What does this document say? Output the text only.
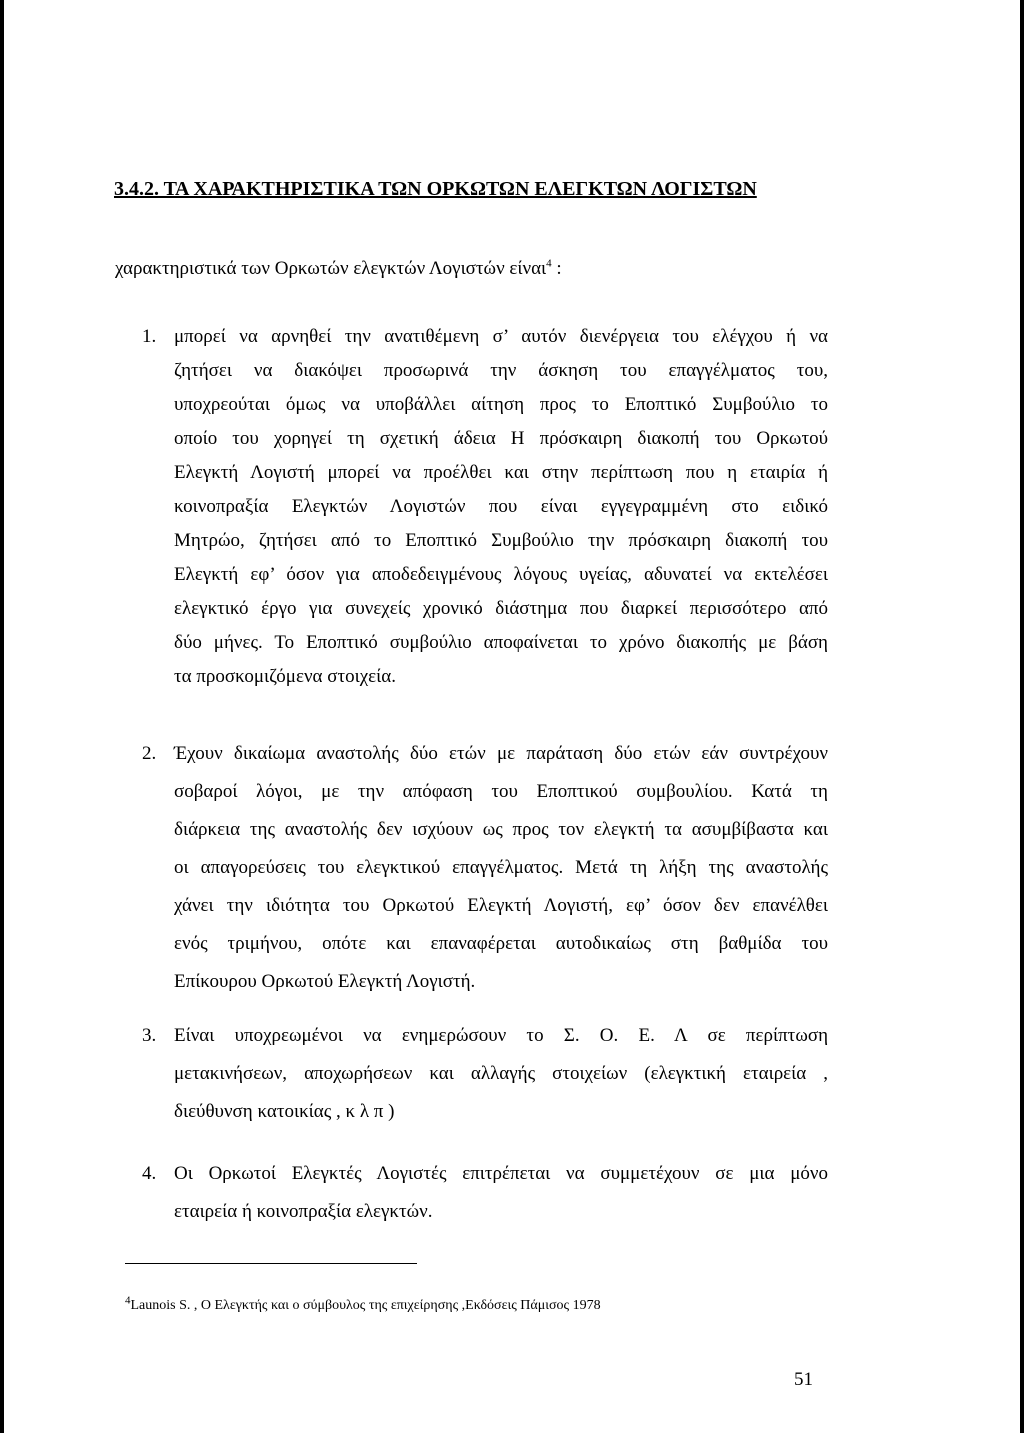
3.4.2. ΤΑ ΧΑΡΑΚΤΗΡΙΣΤΙΚΑ ΤΩΝ ΟΡΚΩΤΩΝ ΕΛΕΓΚΤΩΝ ΛΟΓΙΣΤΩΝ
χαρακτηριστικά των Ορκωτών ελεγκτών Λογιστών είναι$^4$ :
1. μπορεί να αρνηθεί την ανατιθέμενη σ’ αυτόν διενέργεια του ελέγχου ή να
ζητήσει να διακόψει προσωρινά την άσκηση του επαγγέλματος του,
υποχρεούται όμως να υποβάλλει αίτηση προς το Εποπτικό Συμβούλιο το
οποίο του χορηγεί τη σχετική άδεια Η πρόσκαιρη διακοπή του Ορκωτού
Ελεγκτή Λογιστή μπορεί να προέλθει και στην περίπτωση που η εταιρία ή
κοινοπραξία Ελεγκτών Λογιστών που είναι εγγεγραμμένη στο ειδικό
Μητρώο, ζητήσει από το Εποπτικό Συμβούλιο την πρόσκαιρη διακοπή του
Ελεγκτή εφ’ όσον για αποδεδειγμένους λόγους υγείας, αδυνατεί να εκτελέσει
ελεγκτικό έργο για συνεχείς χρονικό διάστημα που διαρκεί περισσότερο από
δύο μήνες. Το Εποπτικό συμβούλιο αποφαίνεται το χρόνο διακοπής με βάση
τα προσκομιζόμενα στοιχεία.
2. Έχουν δικαίωμα αναστολής δύο ετών με παράταση δύο ετών εάν συντρέχουν
σοβαροί λόγοι, με την απόφαση του Εποπτικού συμβουλίου. Κατά τη
διάρκεια της αναστολής δεν ισχύουν ως προς τον ελεγκτή τα ασυμβίβαστα και
οι απαγορεύσεις του ελεγκτικού επαγγέλματος. Μετά τη λήξη της αναστολής
χάνει την ιδιότητα του Ορκωτού Ελεγκτή Λογιστή, εφ’ όσον δεν επανέλθει
ενός τριμήνου, οπότε και επαναφέρεται αυτοδικαίως στη βαθμίδα του
Επίκουρου Ορκωτού Ελεγκτή Λογιστή.
3. Είναι υποχρεωμένοι να ενημερώσουν το Σ. Ο. Ε. Λ σε περίπτωση
μετακινήσεων, αποχωρήσεων και αλλαγής στοιχείων (ελεγκτική εταιρεία ,
διεύθυνση κατοικίας , κ λ π )
4. Οι Ορκωτοί Ελεγκτές Λογιστές επιτρέπεται να συμμετέχουν σε μια μόνο
εταιρεία ή κοινοπραξία ελεγκτών.
$^4$Launois S. , Ο Ελεγκτής και ο σύμβουλος της επιχείρησης ,Εκδόσεις Πάμισος 1978
51
